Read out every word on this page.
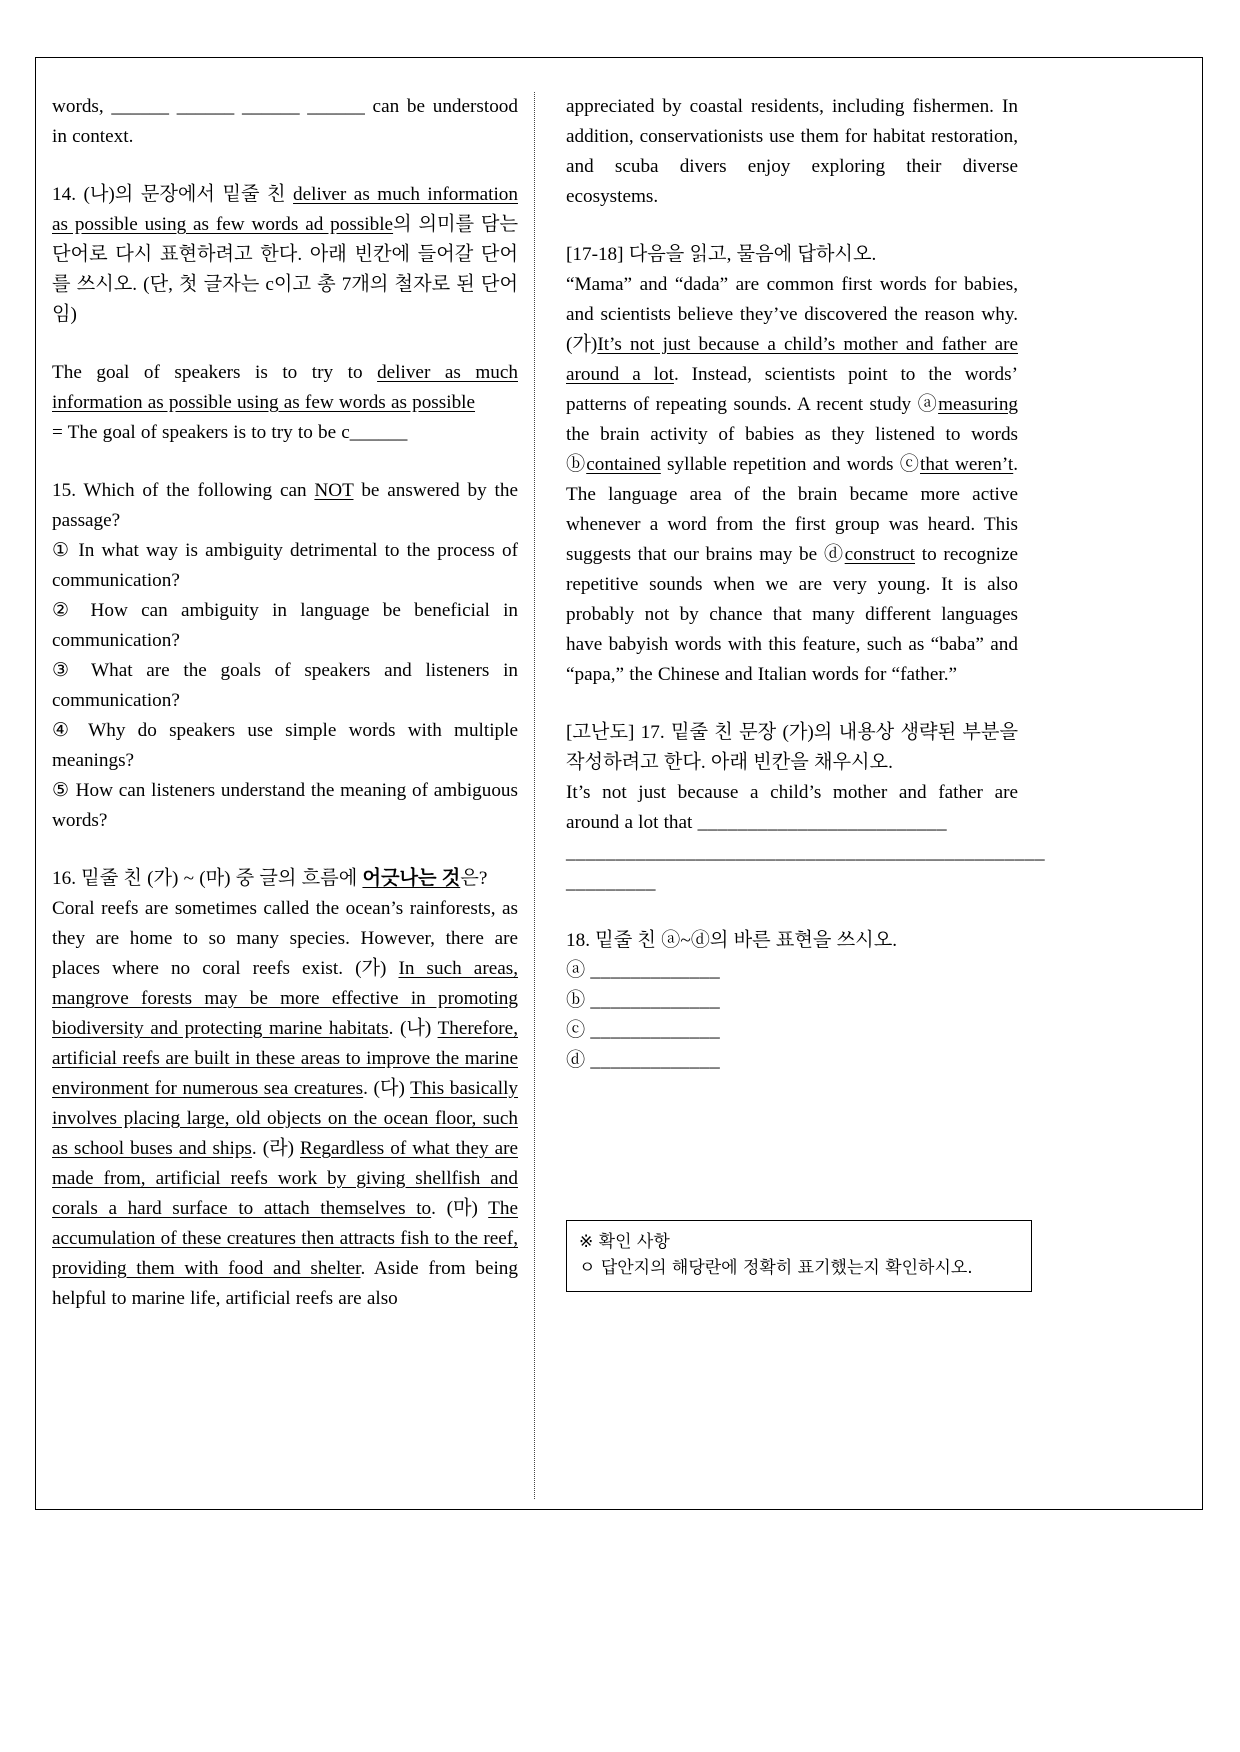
words, ______ ______ ______ ______ can be understood in context.

14. (나)의 문장에서 밑줄 친 deliver as much information as possible using as few words ad possible의 의미를 담는 단어로 다시 표현하려고 한다. 아래 빈칸에 들어갈 단어를 쓰시오. (단, 첫 글자는 c이고 총 7개의 철자로 된 단어임)

The goal of speakers is to try to deliver as much information as possible using as few words as possible

= The goal of speakers is to try to be c______

15. Which of the following can NOT be answered by the passage?

① In what way is ambiguity detrimental to the process of communication?

② How can ambiguity in language be beneficial in communication?

③ What are the goals of speakers and listeners in communication?

④ Why do speakers use simple words with multiple meanings?

⑤ How can listeners understand the meaning of ambiguous words?

16. 밑줄 친 (가) ~ (마) 중 글의 흐름에 어긋나는 것은?

Coral reefs are sometimes called the ocean’s rainforests, as they are home to so many species. However, there are places where no coral reefs exist. (가) In such areas, mangrove forests may be more effective in promoting biodiversity and protecting marine habitats. (나) Therefore, artificial reefs are built in these areas to improve the marine environment for numerous sea creatures. (다) This basically involves placing large, old objects on the ocean floor, such as school buses and ships. (라) Regardless of what they are made from, artificial reefs work by giving shellfish and corals a hard surface to attach themselves to. (마) The accumulation of these creatures then attracts fish to the reef, providing them with food and shelter. Aside from being helpful to marine life, artificial reefs are also

appreciated by coastal residents, including fishermen. In addition, conservationists use them for habitat restoration, and scuba divers enjoy exploring their diverse ecosystems.

[17-18] 다음을 읽고, 물음에 답하시오.

“Mama” and “dada” are common first words for babies, and scientists believe they’ve discovered the reason why. (가)It’s not just because a child’s mother and father are around a lot. Instead, scientists point to the words’ patterns of repeating sounds. A recent study ⓐmeasuring the brain activity of babies as they listened to words ⓑcontained syllable repetition and words ⓒthat weren’t. The language area of the brain became more active whenever a word from the first group was heard. This suggests that our brains may be ⓓconstruct to recognize repetitive sounds when we are very young. It is also probably not by chance that many different languages have babyish words with this feature, such as “baba” and “papa,” the Chinese and Italian words for “father.”

[고난도] 17. 밑줄 친 문장 (가)의 내용상 생략된 부분을 작성하려고 한다. 아래 빈칸을 채우시오.

It’s not just because a child’s mother and father are around a lot that _________________________

________________________________________________

_________

18. 밑줄 친 ⓐ~ⓓ의 바른 표현을 쓰시오.

ⓐ _____________

ⓑ _____________

ⓒ _____________

ⓓ _____________

※ 확인 사항
ㅇ 답안지의 해당란에 정확히 표기했는지 확인하시오.
